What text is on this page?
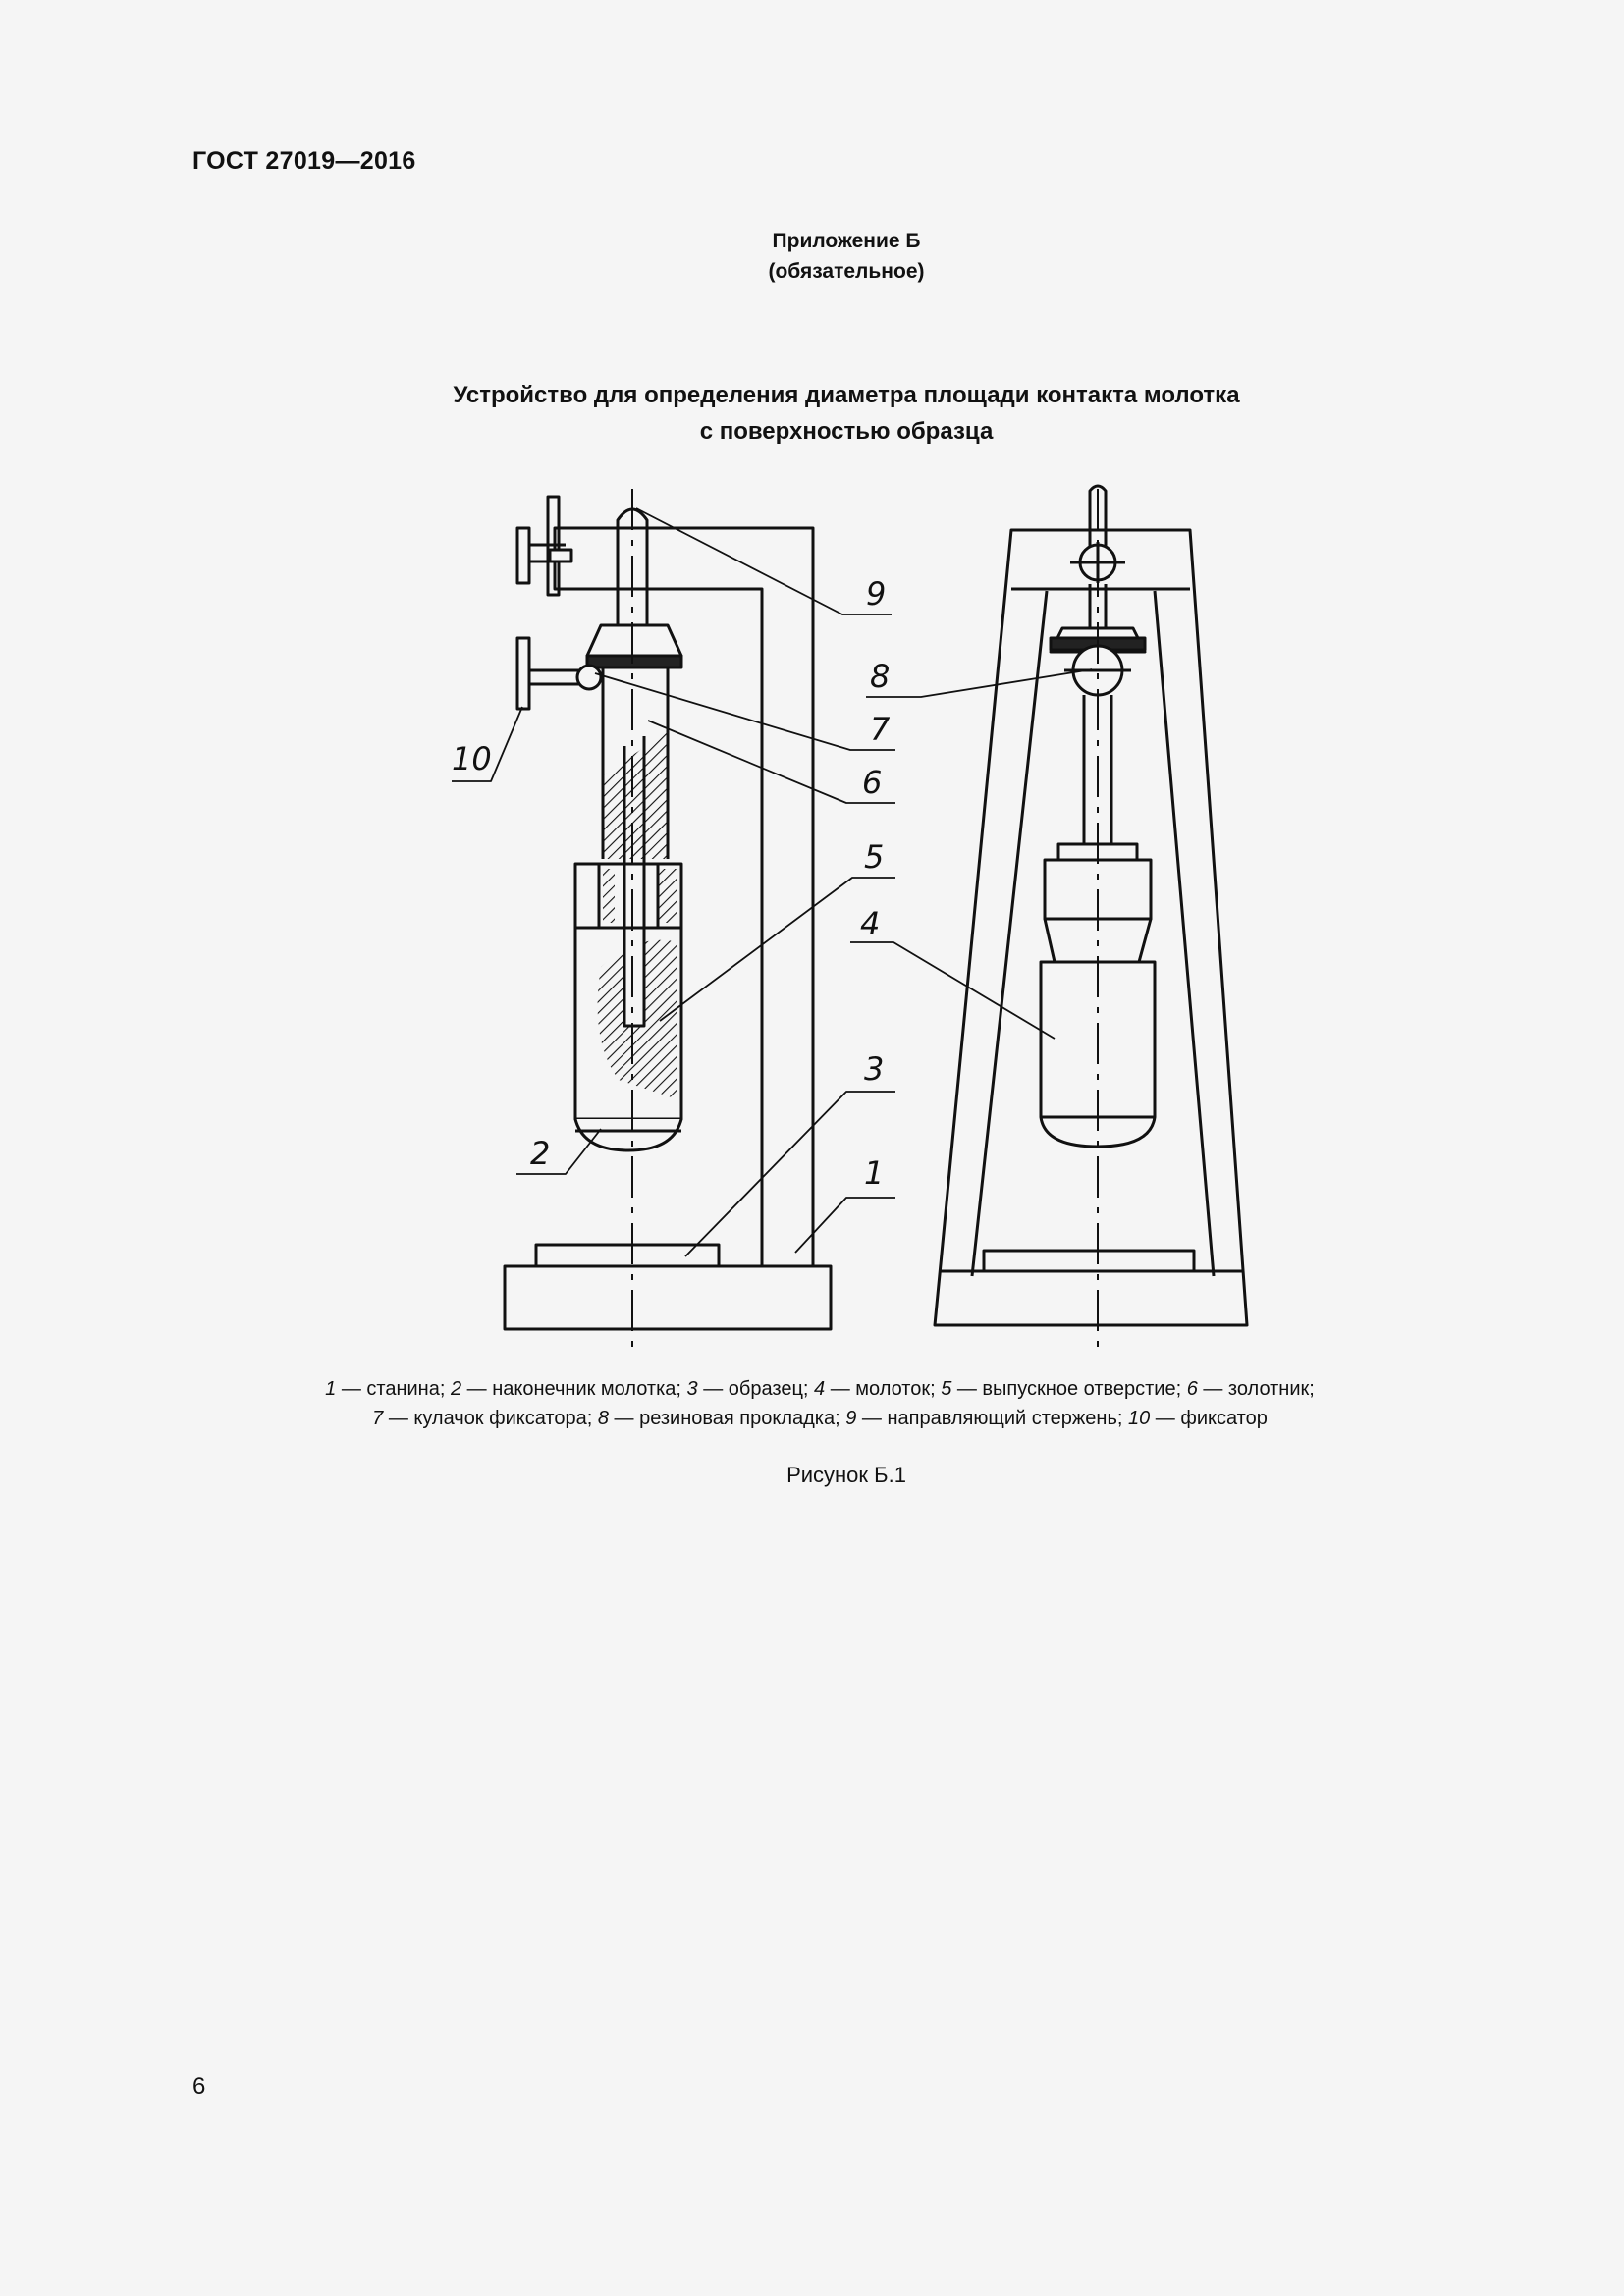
ГОСТ 27019—2016
Приложение Б
(обязательное)
Устройство для определения диаметра площади контакта молотка
с поверхностью образца
1
2
3
4
5
6
7
8
9
10
1 — станина; 2 — наконечник молотка; 3 — образец; 4 — молоток; 5 — выпускное отверстие; 6 — золотник;
7 — кулачок фиксатора; 8 — резиновая прокладка; 9 — направляющий стержень; 10 — фиксатор
Рисунок Б.1
6
